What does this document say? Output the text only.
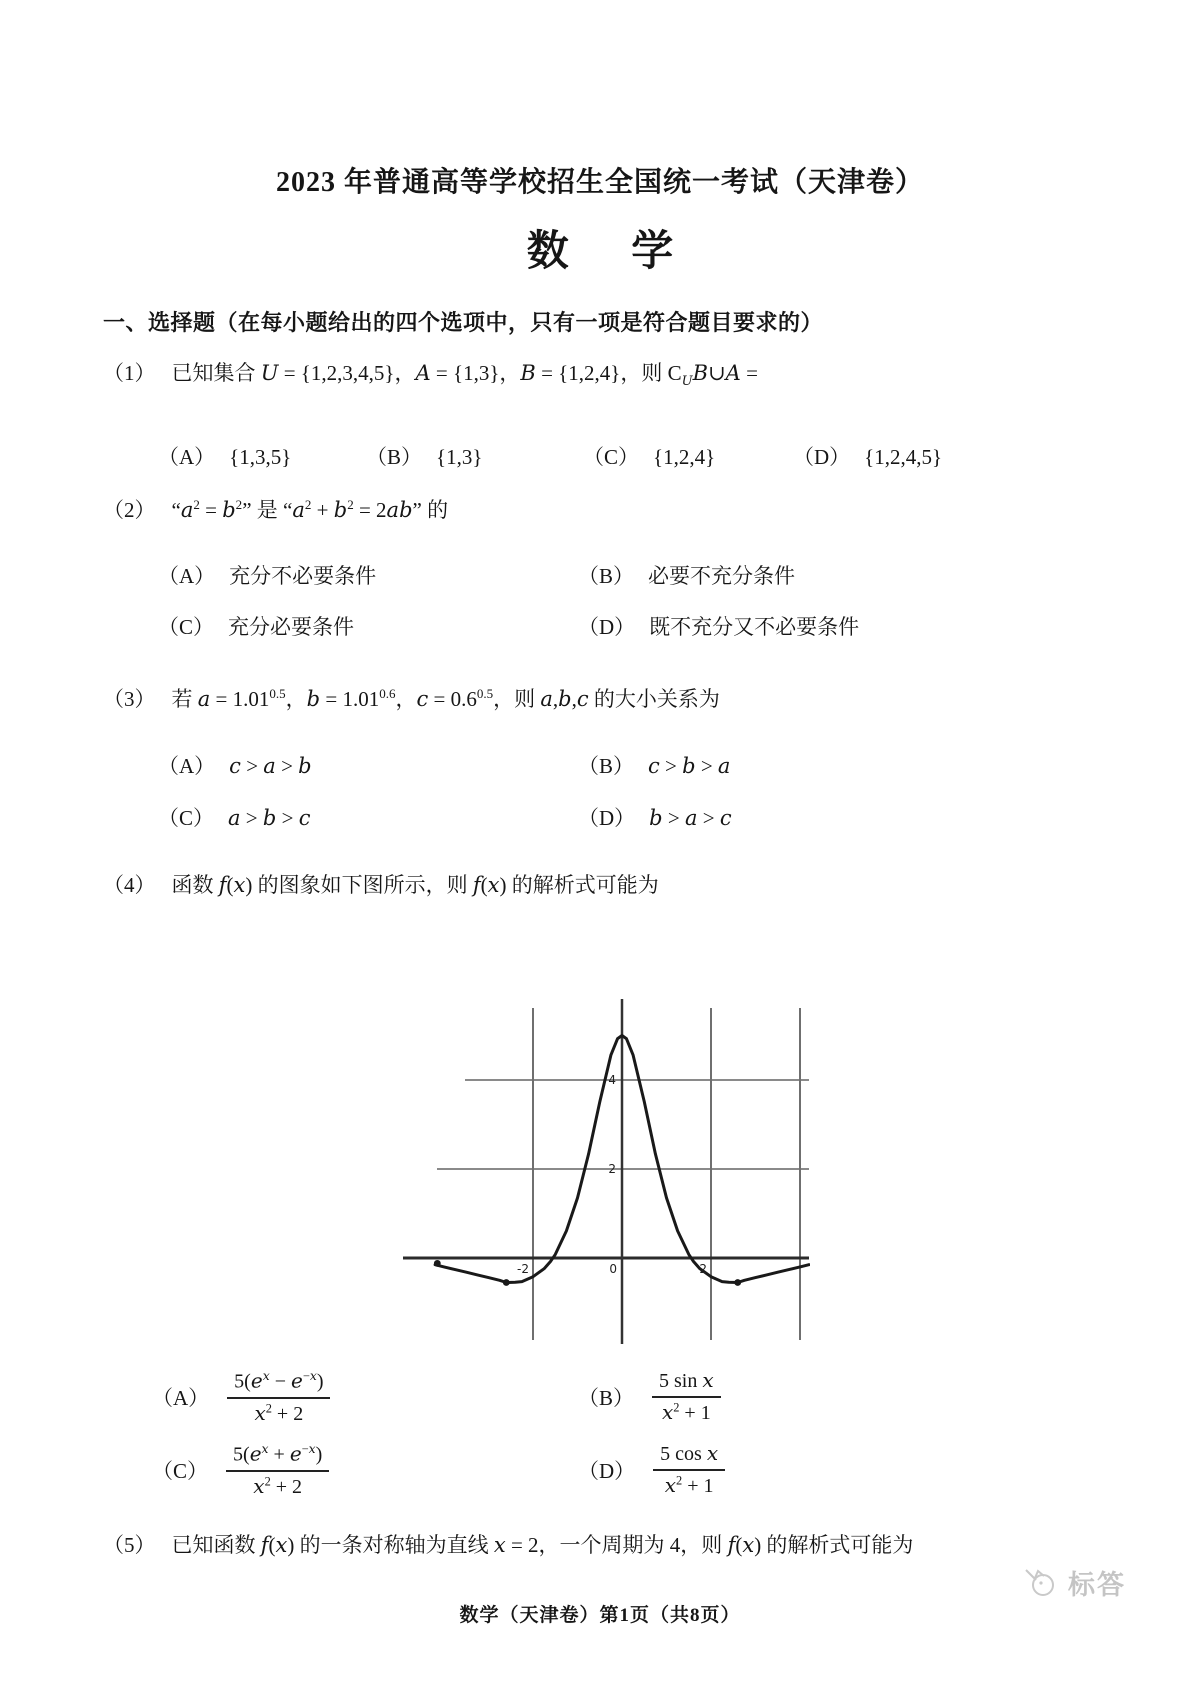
2023 年普通高等学校招生全国统一考试（天津卷）
数 学
一、选择题（在每小题给出的四个选项中，只有一项是符合题目要求的）
（1） 已知集合 U = {1,2,3,4,5}，A = {1,3}，B = {1,2,4}，则 $C_UB\cup A$ =
（A） {1,3,5}	（B） {1,3}	（C） {1,2,4}	（D） {1,2,4,5}
（2） “$a^2 = b^2$” 是 “$a^2 + b^2 = 2ab$” 的
（A） 充分不必要条件	（B） 必要不充分条件
（C） 充分必要条件	（D） 既不充分又不必要条件
（3） 若 $a = 1.01^{0.5}$，$b = 1.01^{0.6}$，$c = 0.6^{0.5}$，则 a,b,c 的大小关系为
（A） c > a > b	（B） c > b > a
（C） a > b > c	（D） b > a > c
（4） 函数 f(x) 的图象如下图所示，则 f(x) 的解析式可能为
2
4
-2	0	2
$(A) \frac{5(e^x - e^{-x})}{x^2 + 2}$	$(B) \frac{\text{5 sin x}}{x^2 + 1}$
$(C) \frac{5(e^x + e^{-x})}{x^2 + 2}$	$(D) \frac{\text{5 cos x}}{x^2 + 1}$
（5） 已知函数 f(x) 的一条对称轴为直线 x = 2，一个周期为 4，则 f(x) 的解析式可能为
数学（天津卷）第1页（共8页）
标答
